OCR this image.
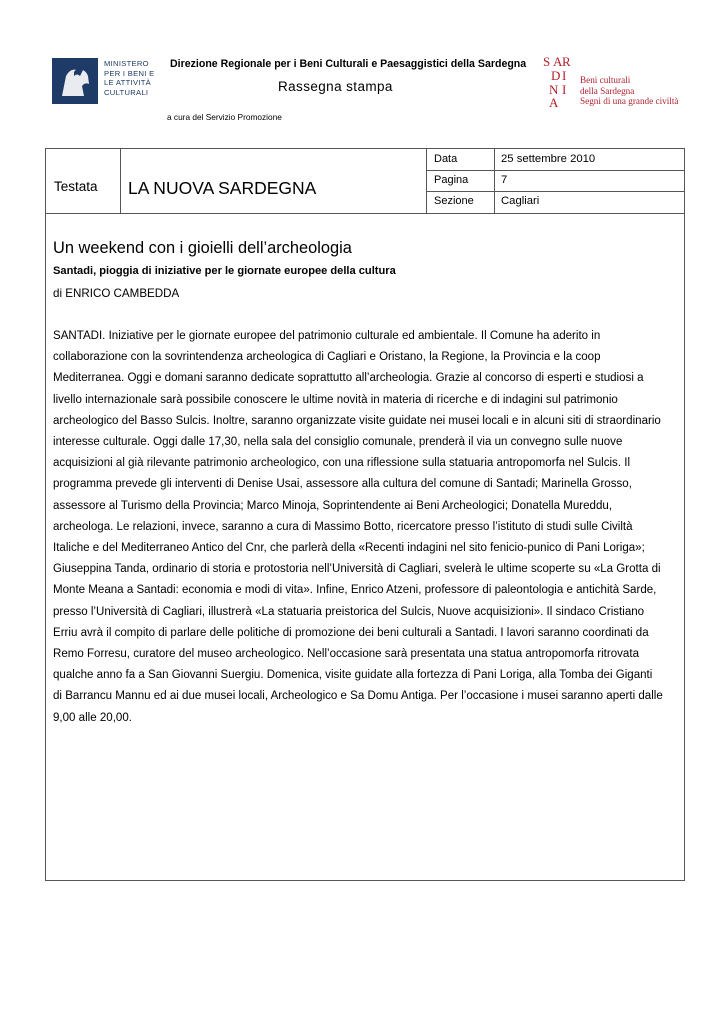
MINISTERO
PER I BENI E
LE ATTIVITÀ
CULTURALI
Direzione Regionale per i Beni Culturali e Paesaggistici della Sardegna
Rassegna stampa
a cura del Servizio Promozione
S A R
D I
N I
A
Beni culturali
della Sardegna
Segni di una grande civiltà
Testata LA NUOVA SARDEGNA
Data	25 settembre 2010
Pagina	7
Sezione Cagliari
Un weekend con i gioielli dell’archeologia
Santadi, pioggia di iniziative per le giornate europee della cultura
di ENRICO CAMBEDDA
SANTADI. Iniziative per le giornate europee del patrimonio culturale ed ambientale. Il Comune ha aderito in
collaborazione con la sovrintendenza archeologica di Cagliari e Oristano, la Regione, la Provincia e la coop
Mediterranea. Oggi e domani saranno dedicate soprattutto all’archeologia. Grazie al concorso di esperti e studiosi a
livello internazionale sarà possibile conoscere le ultime novità in materia di ricerche e di indagini sul patrimonio
archeologico del Basso Sulcis. Inoltre, saranno organizzate visite guidate nei musei locali e in alcuni siti di straordinario
interesse culturale. Oggi dalle 17,30, nella sala del consiglio comunale, prenderà il via un convegno sulle nuove
acquisizioni al già rilevante patrimonio archeologico, con una riflessione sulla statuaria antropomorfa nel Sulcis. Il
programma prevede gli interventi di Denise Usai, assessore alla cultura del comune di Santadi; Marinella Grosso,
assessore al Turismo della Provincia; Marco Minoja, Soprintendente ai Beni Archeologici; Donatella Mureddu,
archeologa. Le relazioni, invece, saranno a cura di Massimo Botto, ricercatore presso l’istituto di studi sulle Civiltà
Italiche e del Mediterraneo Antico del Cnr, che parlerà della «Recenti indagini nel sito fenicio-punico di Pani Loriga»;
Giuseppina Tanda, ordinario di storia e protostoria nell’Università di Cagliari, svelerà le ultime scoperte su «La Grotta di
Monte Meana a Santadi: economia e modi di vita». Infine, Enrico Atzeni, professore di paleontologia e antichità Sarde,
presso l’Università di Cagliari, illustrerà «La statuaria preistorica del Sulcis, Nuove acquisizioni». Il sindaco Cristiano
Erriu avrà il compito di parlare delle politiche di promozione dei beni culturali a Santadi. I lavori saranno coordinati da
Remo Forresu, curatore del museo archeologico. Nell’occasione sarà presentata una statua antropomorfa ritrovata
qualche anno fa a San Giovanni Suergiu. Domenica, visite guidate alla fortezza di Pani Loriga, alla Tomba dei Giganti
di Barrancu Mannu ed ai due musei locali, Archeologico e Sa Domu Antiga. Per l’occasione i musei saranno aperti dalle
9,00 alle 20,00.
